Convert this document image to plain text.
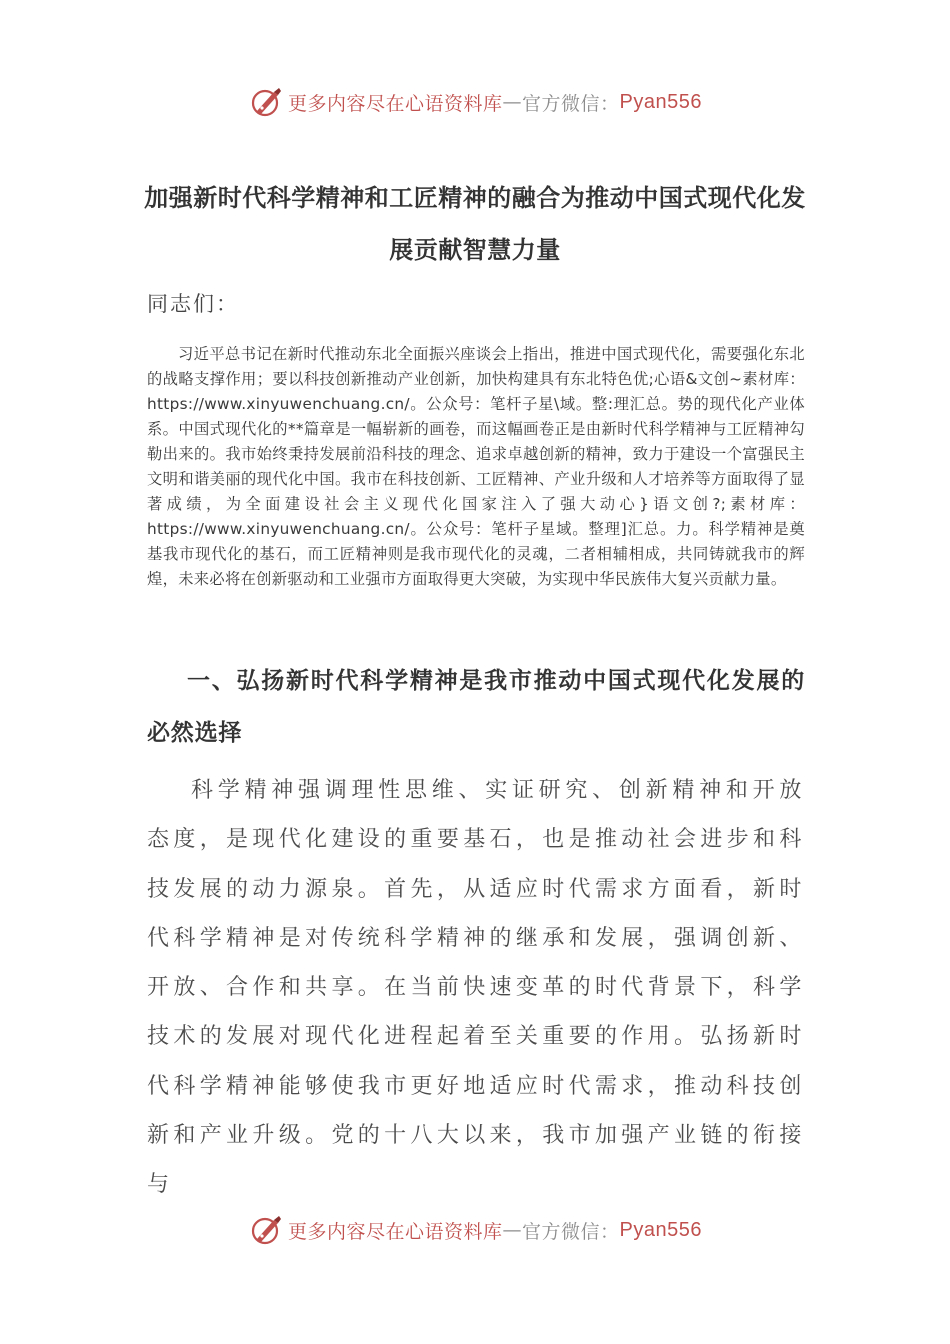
更多内容尽在心语资料库 — 官方微信： Pyan556
加强新时代科学精神和工匠精神的融合为推动中国式现代化发展贡献智慧力量
同志们：
习近平总书记在新时代推动东北全面振兴座谈会上指出，推进中国式现代化，需要强化东北的战略支撑作用；要以科技创新推动产业创新，加快构建具有东北特色优;心语&文创~素材库：https://www.xinyuwenchuang.cn/。公众号：笔杆子星\域。整:理汇总。势的现代化产业体系。中国式现代化的**篇章是一幅崭新的画卷，而这幅画卷正是由新时代科学精神与工匠精神勾勒出来的。我市始终秉持发展前沿科技的理念、追求卓越创新的精神，致力于建设一个富强民主文明和谐美丽的现代化中国。我市在科技创新、工匠精神、产业升级和人才培养等方面取得了显著成绩，为全面建设社会主义现代化国家注入了强大动心}语文创?;素材库：https://www.xinyuwenchuang.cn/。公众号：笔杆子星域。整理]汇总。力。科学精神是奠基我市现代化的基石，而工匠精神则是我市现代化的灵魂，二者相辅相成，共同铸就我市的辉煌，未来必将在创新驱动和工业强市方面取得更大突破，为实现中华民族伟大复兴贡献力量。
一、弘扬新时代科学精神是我市推动中国式现代化发展的必然选择
科学精神强调理性思维、实证研究、创新精神和开放态度，是现代化建设的重要基石，也是推动社会进步和科技发展的动力源泉。首先，从适应时代需求方面看，新时代科学精神是对传统科学精神的继承和发展，强调创新、开放、合作和共享。在当前快速变革的时代背景下，科学技术的发展对现代化进程起着至关重要的作用。弘扬新时代科学精神能够使我市更好地适应时代需求，推动科技创新和产业升级。党的十八大以来，我市加强产业链的衔接与
更多内容尽在心语资料库 — 官方微信： Pyan556
